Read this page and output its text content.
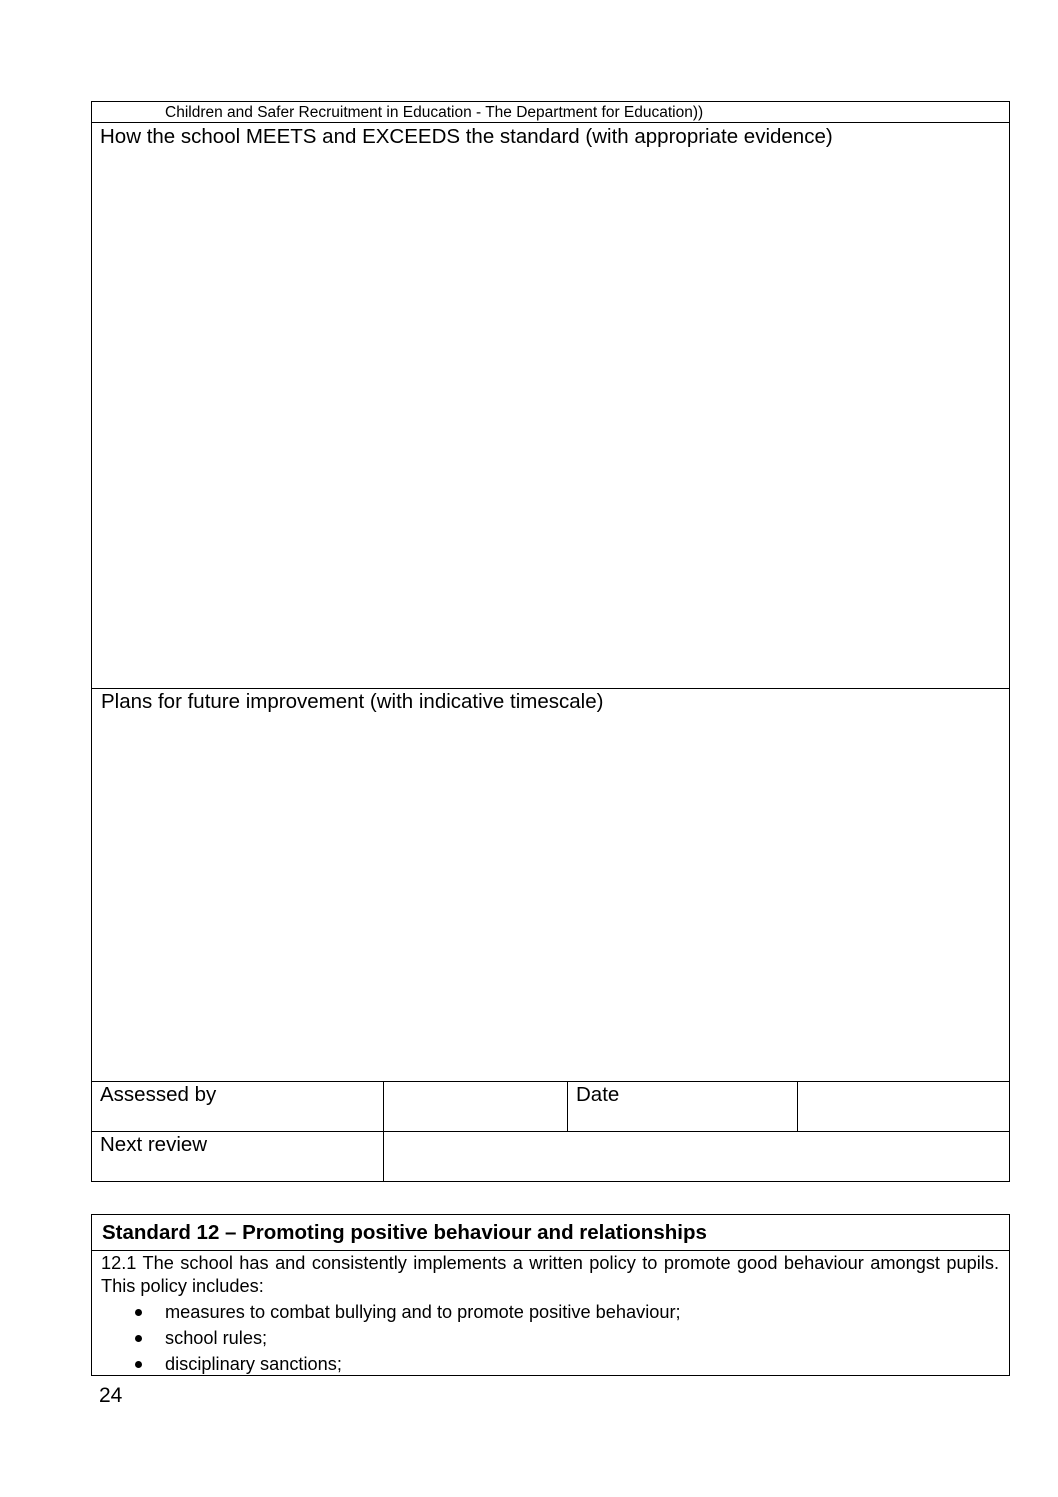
Children and Safer Recruitment in Education - The Department for Education))
How the school MEETS and EXCEEDS the standard (with appropriate evidence)
Plans for future improvement (with indicative timescale)
Assessed by	Date
Next review
Standard 12 – Promoting positive behaviour and relationships
12.1 The school has and consistently implements a written policy to promote good behaviour amongst pupils. This policy includes:
measures to combat bullying and to promote positive behaviour;
school rules;
disciplinary sanctions;
24
